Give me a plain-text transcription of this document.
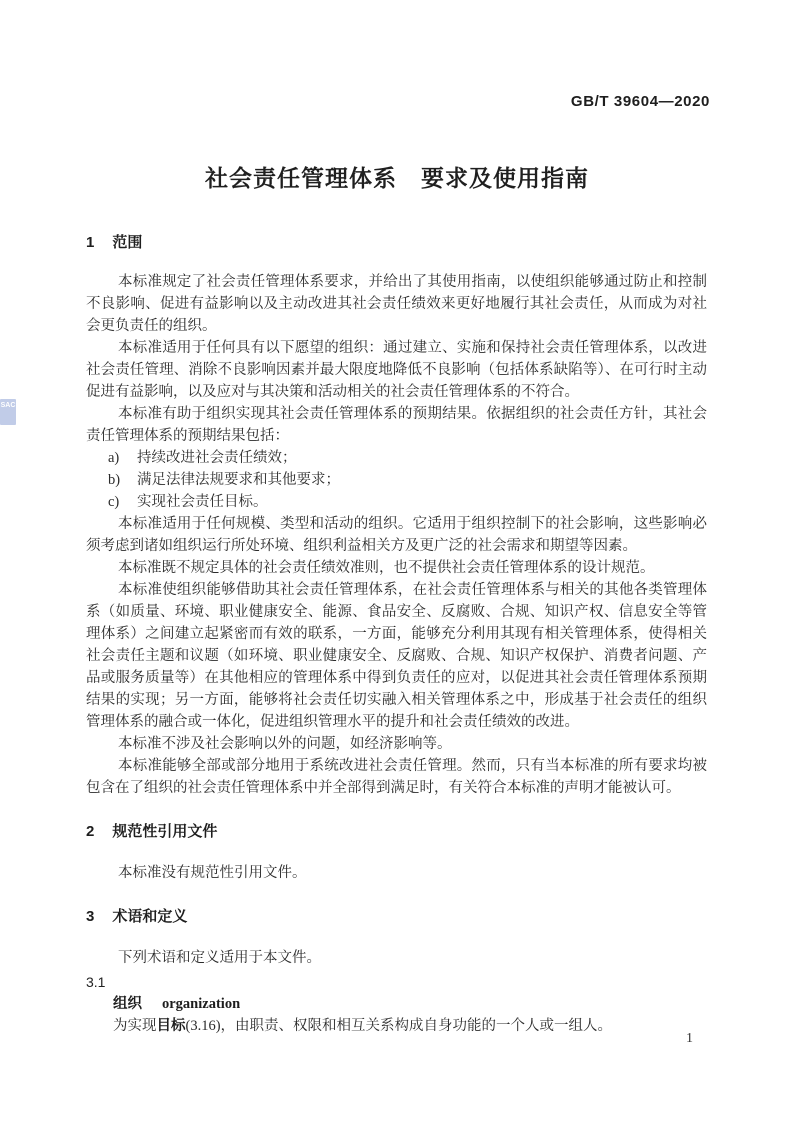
SAC
GB/T 39604—2020
社会责任管理体系　要求及使用指南
1 范围

本标准规定了社会责任管理体系要求，并给出了其使用指南，以使组织能够通过防止和控制不良影响、促进有益影响以及主动改进其社会责任绩效来更好地履行其社会责任，从而成为对社会更负责任的组织。

本标准适用于任何具有以下愿望的组织：通过建立、实施和保持社会责任管理体系，以改进社会责任管理、消除不良影响因素并最大限度地降低不良影响（包括体系缺陷等）、在可行时主动促进有益影响，以及应对与其决策和活动相关的社会责任管理体系的不符合。

本标准有助于组织实现其社会责任管理体系的预期结果。依据组织的社会责任方针，其社会责任管理体系的预期结果包括：

a) 持续改进社会责任绩效；
b) 满足法律法规要求和其他要求；
c) 实现社会责任目标。

本标准适用于任何规模、类型和活动的组织。它适用于组织控制下的社会影响，这些影响必须考虑到诸如组织运行所处环境、组织利益相关方及更广泛的社会需求和期望等因素。

本标准既不规定具体的社会责任绩效准则，也不提供社会责任管理体系的设计规范。

本标准使组织能够借助其社会责任管理体系，在社会责任管理体系与相关的其他各类管理体系（如质量、环境、职业健康安全、能源、食品安全、反腐败、合规、知识产权、信息安全等管理体系）之间建立起紧密而有效的联系，一方面，能够充分利用其现有相关管理体系，使得相关社会责任主题和议题（如环境、职业健康安全、反腐败、合规、知识产权保护、消费者问题、产品或服务质量等）在其他相应的管理体系中得到负责任的应对，以促进其社会责任管理体系预期结果的实现；另一方面，能够将社会责任切实融入相关管理体系之中，形成基于社会责任的组织管理体系的融合或一体化，促进组织管理水平的提升和社会责任绩效的改进。

本标准不涉及社会影响以外的问题，如经济影响等。

本标准能够全部或部分地用于系统改进社会责任管理。然而，只有当本标准的所有要求均被包含在了组织的社会责任管理体系中并全部得到满足时，有关符合本标准的声明才能被认可。

2 规范性引用文件

本标准没有规范性引用文件。

3 术语和定义

下列术语和定义适用于本文件。

3.1
组织 organization
为实现目标(3.16)，由职责、权限和相互关系构成自身功能的一个人或一组人。
1
